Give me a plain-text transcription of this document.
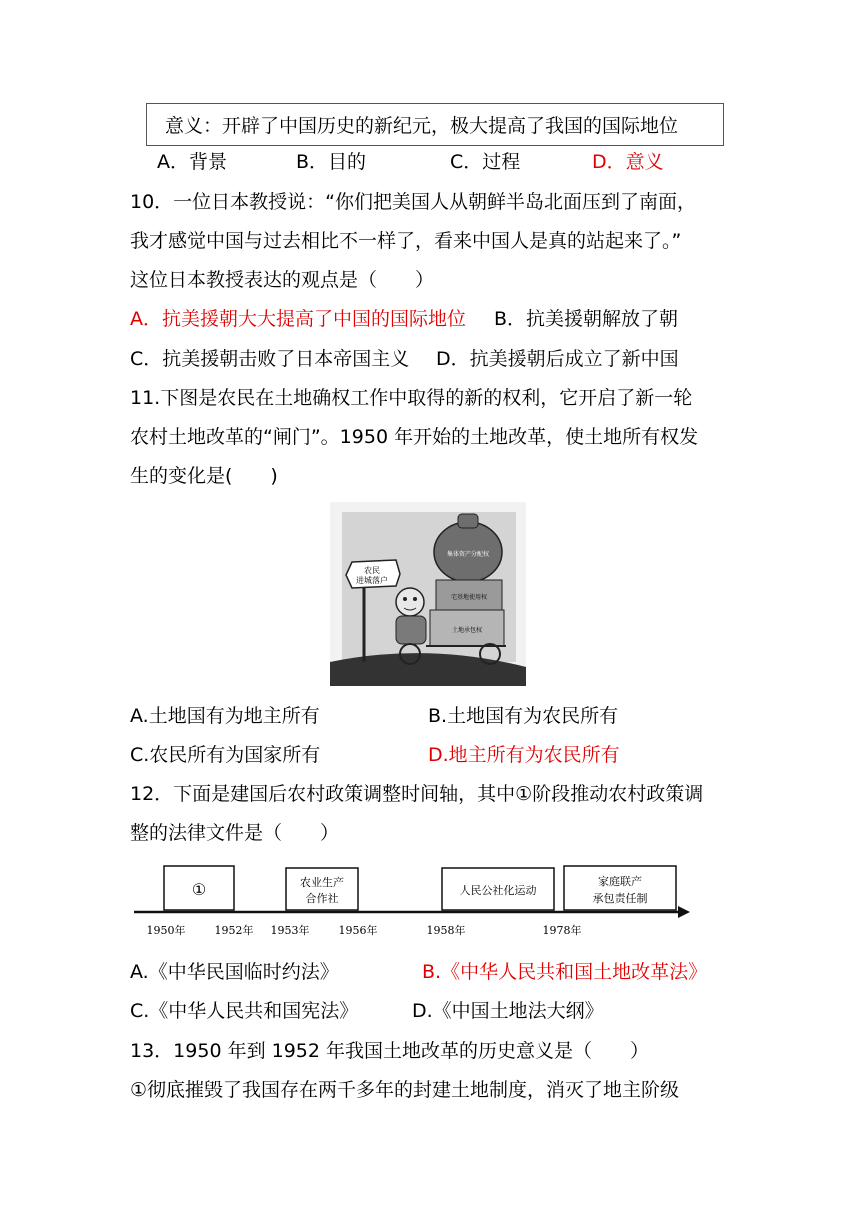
意义：开辟了中国历史的新纪元，极大提高了我国的国际地位
A．背景	B．目的	C．过程	D．意义
10．一位日本教授说：“你们把美国人从朝鲜半岛北面压到了南面，
我才感觉中国与过去相比不一样了，看来中国人是真的站起来了。”
这位日本教授表达的观点是（　　）
A．抗美援朝大大提高了中国的国际地位 B．抗美援朝解放了朝
C．抗美援朝击败了日本帝国主义 D．抗美援朝后成立了新中国
11.下图是农民在土地确权工作中取得的新的权利，它开启了新一轮
农村土地改革的“闸门”。1950 年开始的土地改革，使土地所有权发
生的变化是(　　)
农民
进城落户
集体资产分配权
宅基地使用权
土地承包权
A.土地国有为地主所有	B.土地国有为农民所有
C.农民所有为国家所有	D.地主所有为农民所有
12．下面是建国后农村政策调整时间轴，其中①阶段推动农村政策调
整的法律文件是（　　）
①	农业生产
合作社
人民公社化运动
家庭联产
承包责任制
1950年	1952年 1953年	1956年	1958年	1978年
A.《中华民国临时约法》	B.《中华人民共和国土地改革法》
C.《中华人民共和国宪法》	D.《中国土地法大纲》
13．1950 年到 1952 年我国土地改革的历史意义是（　　）
①彻底摧毁了我国存在两千多年的封建土地制度，消灭了地主阶级
